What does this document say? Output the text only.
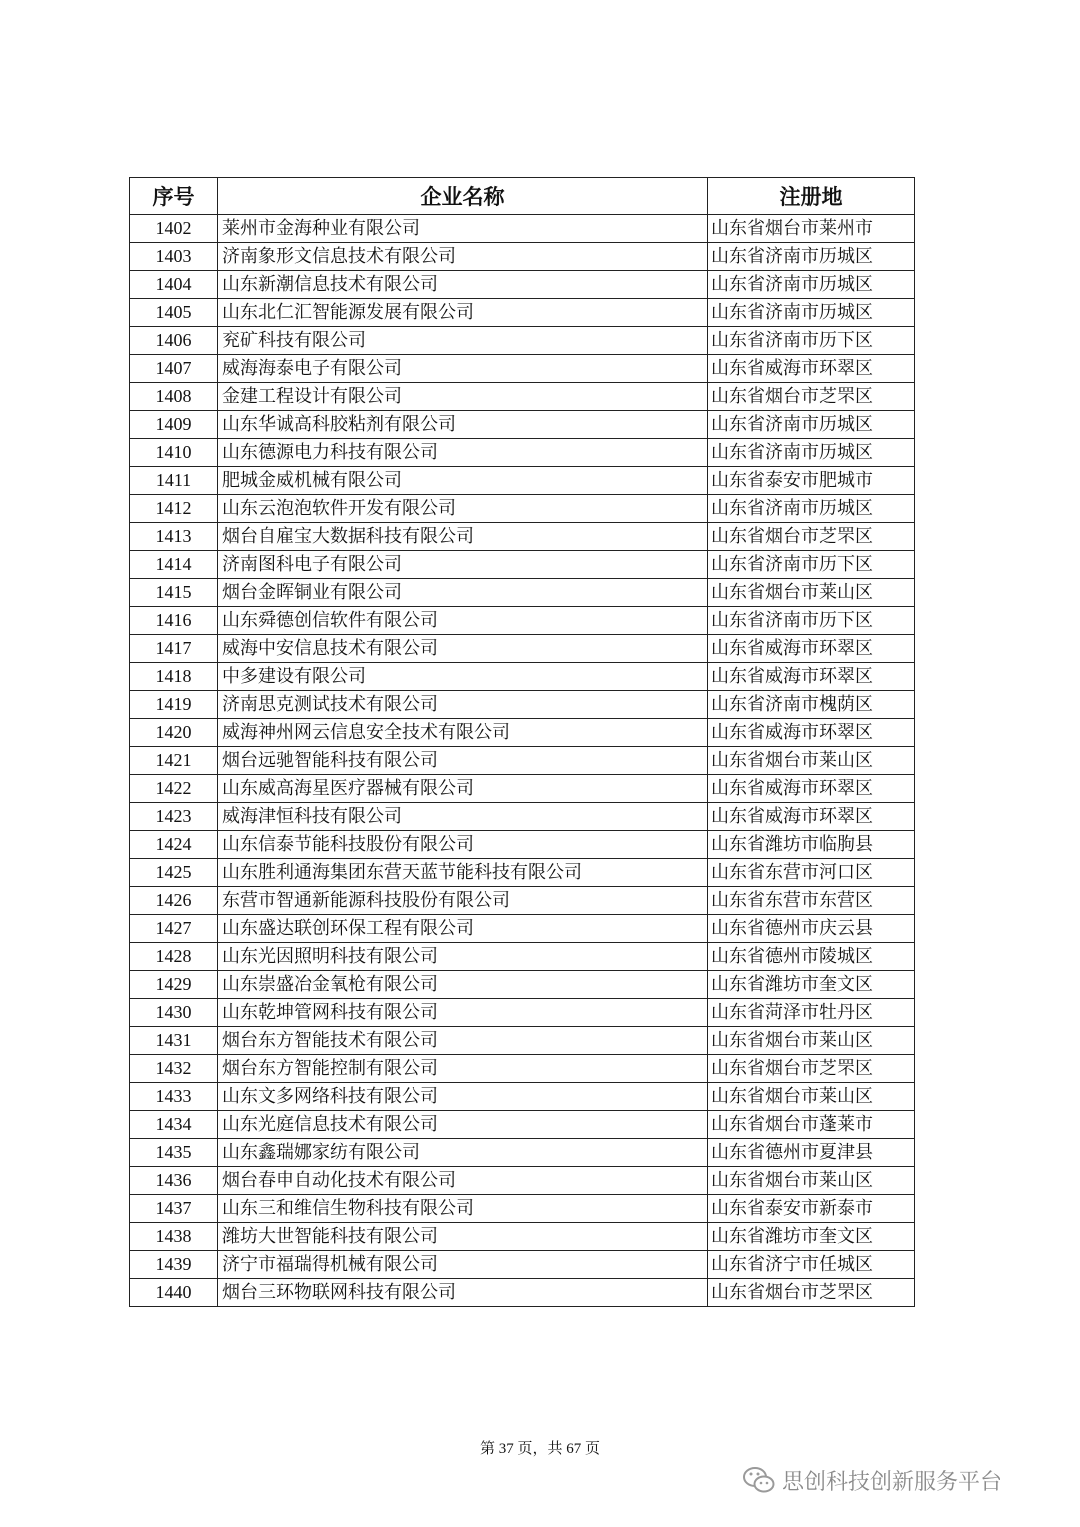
序号	企业名称	注册地
1402	莱州市金海种业有限公司	山东省烟台市莱州市
1403	济南象形文信息技术有限公司	山东省济南市历城区
1404	山东新潮信息技术有限公司	山东省济南市历城区
1405	山东北仁汇智能源发展有限公司	山东省济南市历城区
1406	兖矿科技有限公司	山东省济南市历下区
1407	威海海泰电子有限公司	山东省威海市环翠区
1408	金建工程设计有限公司	山东省烟台市芝罘区
1409	山东华诚高科胶粘剂有限公司	山东省济南市历城区
1410	山东德源电力科技有限公司	山东省济南市历城区
1411	肥城金威机械有限公司	山东省泰安市肥城市
1412	山东云泡泡软件开发有限公司	山东省济南市历城区
1413	烟台自雇宝大数据科技有限公司	山东省烟台市芝罘区
1414	济南图科电子有限公司	山东省济南市历下区
1415	烟台金晖铜业有限公司	山东省烟台市莱山区
1416	山东舜德创信软件有限公司	山东省济南市历下区
1417	威海中安信息技术有限公司	山东省威海市环翠区
1418	中多建设有限公司	山东省威海市环翠区
1419	济南思克测试技术有限公司	山东省济南市槐荫区
1420	威海神州网云信息安全技术有限公司	山东省威海市环翠区
1421	烟台远驰智能科技有限公司	山东省烟台市莱山区
1422	山东威高海星医疗器械有限公司	山东省威海市环翠区
1423	威海津恒科技有限公司	山东省威海市环翠区
1424	山东信泰节能科技股份有限公司	山东省潍坊市临朐县
1425	山东胜利通海集团东营天蓝节能科技有限公司	山东省东营市河口区
1426	东营市智通新能源科技股份有限公司	山东省东营市东营区
1427	山东盛达联创环保工程有限公司	山东省德州市庆云县
1428	山东光因照明科技有限公司	山东省德州市陵城区
1429	山东崇盛冶金氧枪有限公司	山东省潍坊市奎文区
1430	山东乾坤管网科技有限公司	山东省菏泽市牡丹区
1431	烟台东方智能技术有限公司	山东省烟台市莱山区
1432	烟台东方智能控制有限公司	山东省烟台市芝罘区
1433	山东文多网络科技有限公司	山东省烟台市莱山区
1434	山东光庭信息技术有限公司	山东省烟台市蓬莱市
1435	山东鑫瑞娜家纺有限公司	山东省德州市夏津县
1436	烟台春申自动化技术有限公司	山东省烟台市莱山区
1437	山东三和维信生物科技有限公司	山东省泰安市新泰市
1438	潍坊大世智能科技有限公司	山东省潍坊市奎文区
1439	济宁市福瑞得机械有限公司	山东省济宁市任城区
1440	烟台三环物联网科技有限公司	山东省烟台市芝罘区
第 37 页，共 67 页
思创科技创新服务平台
